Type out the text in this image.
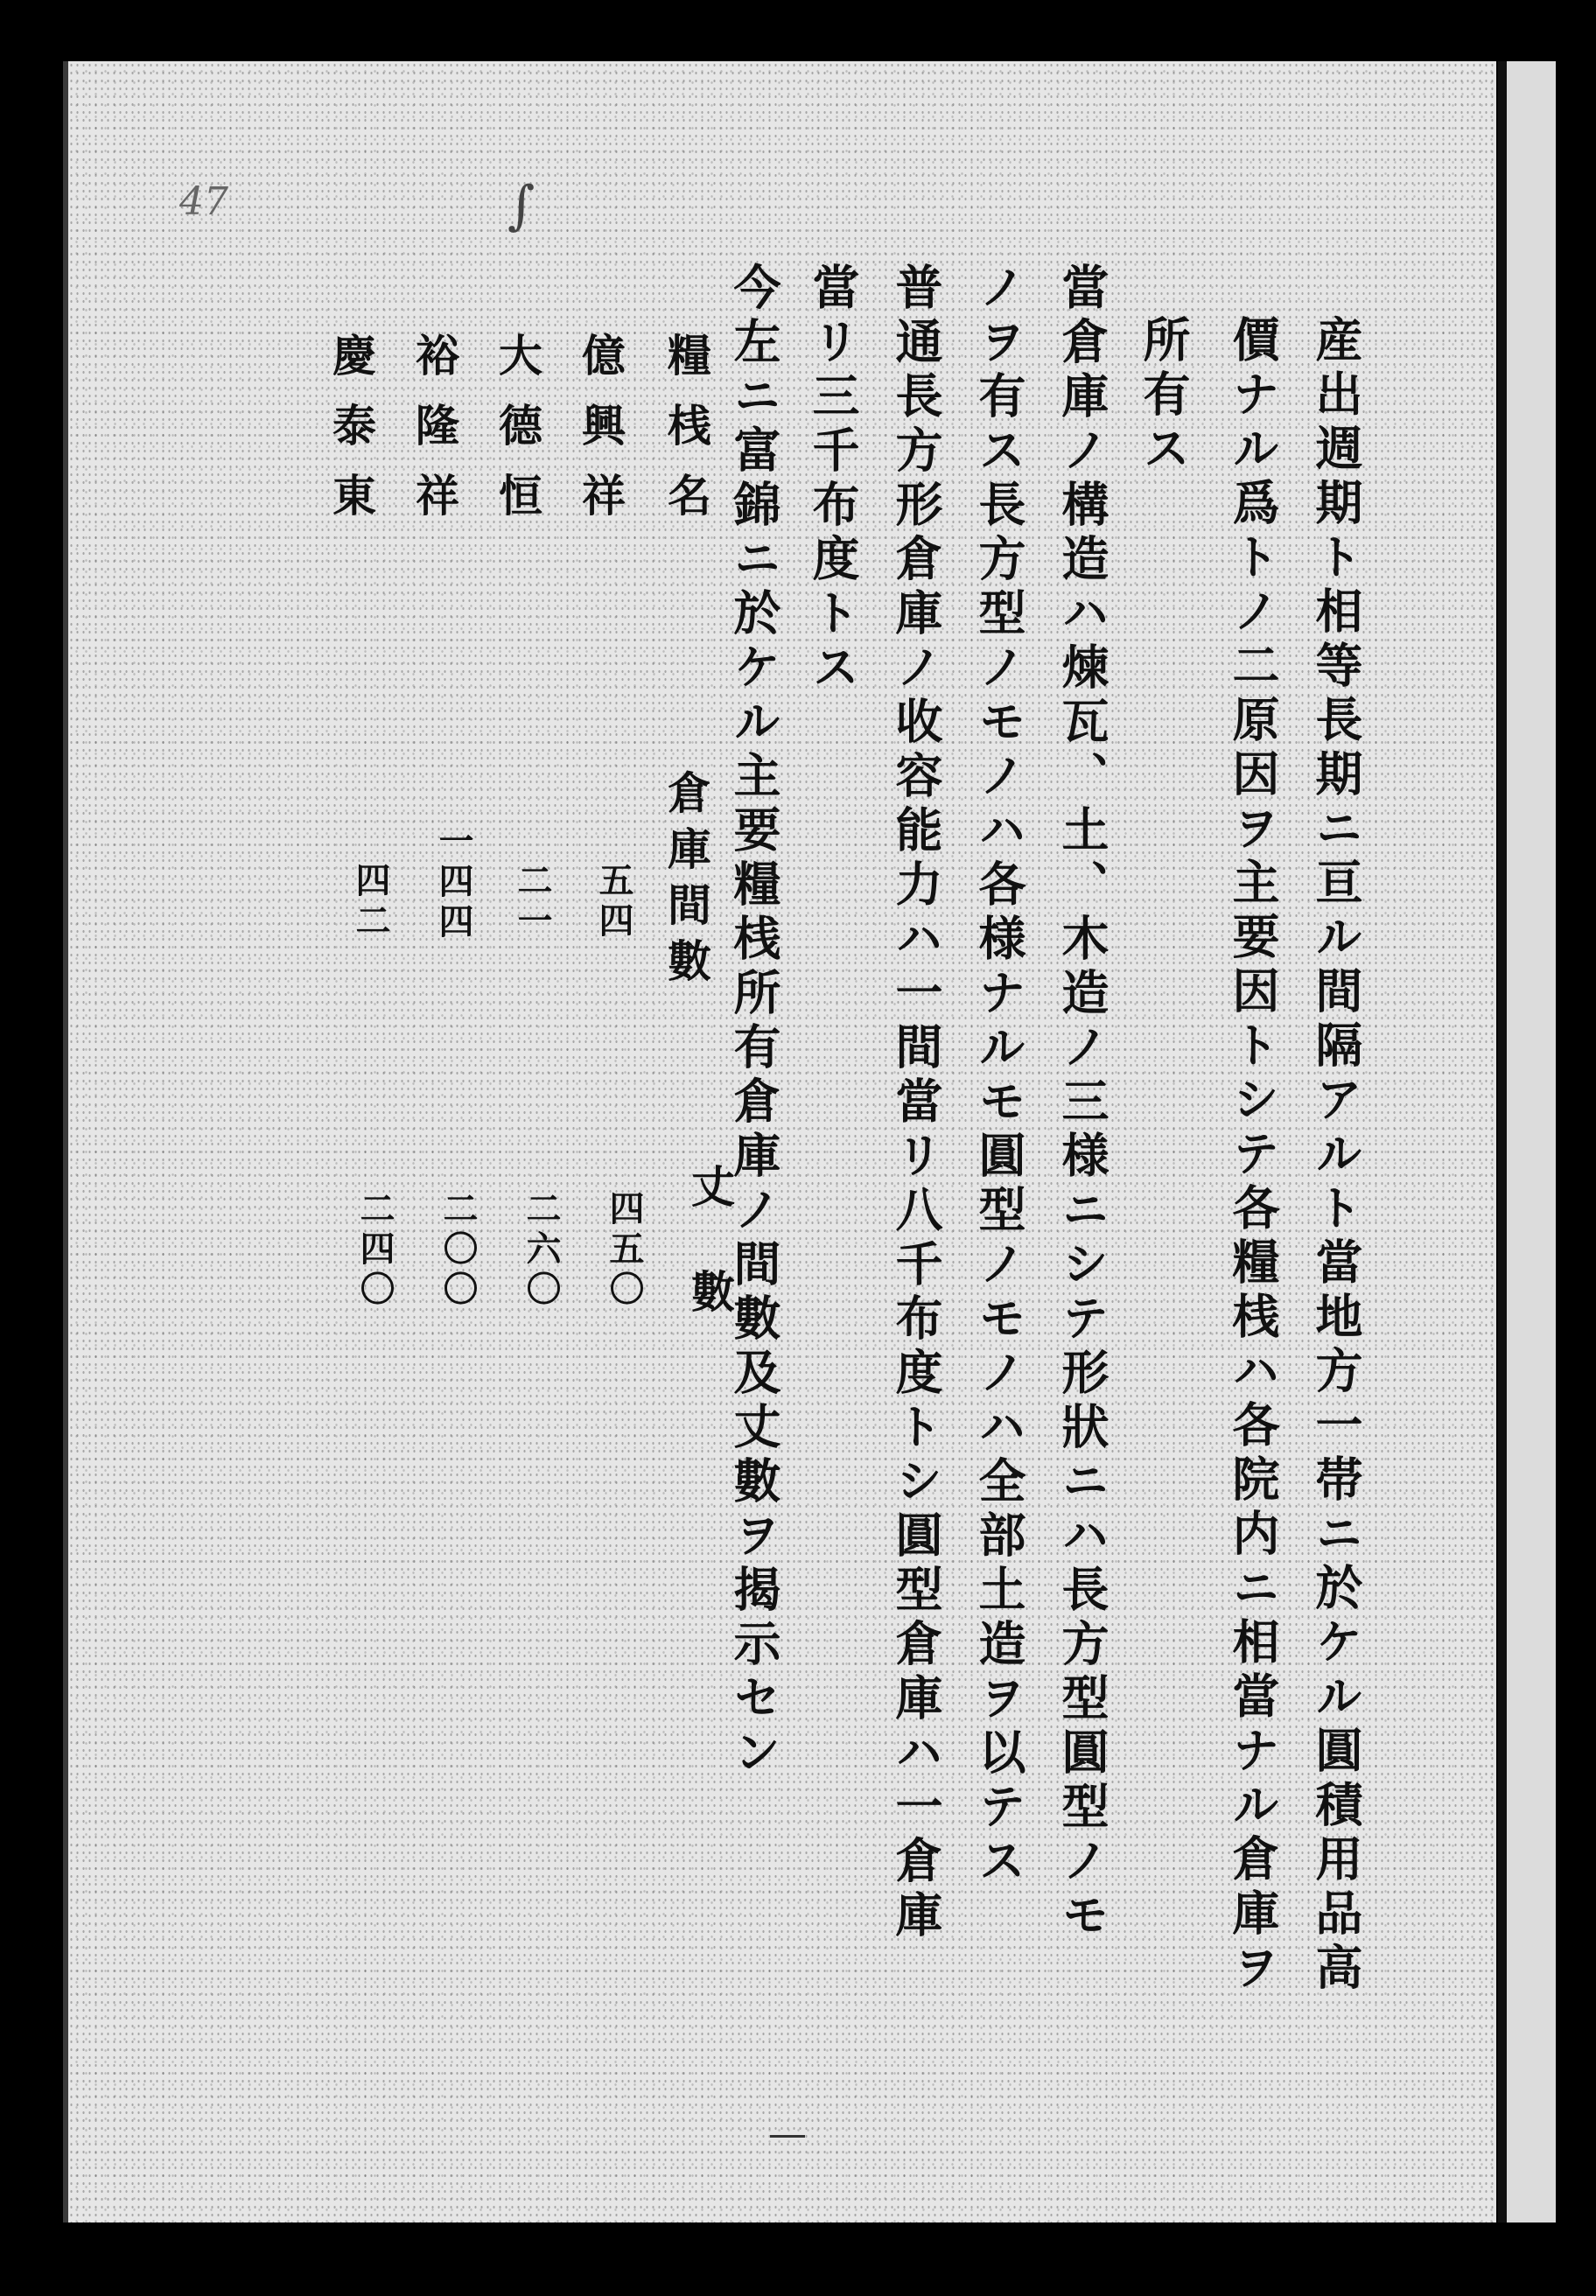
47	∫
産出週期ト相等長期ニ亘ル間隔アルト當地方一帯ニ於ケル圓積用品高
價ナル爲トノ二原因ヲ主要因トシテ各糧桟ハ各院内ニ相當ナル倉庫ヲ
所有ス
當倉庫ノ構造ハ煉瓦、土、木造ノ三様ニシテ形狀ニハ長方型圓型ノモ
ノヲ有ス長方型ノモノハ各様ナルモ圓型ノモノハ全部土造ヲ以テス
普通長方形倉庫ノ收容能力ハ一間當リ八千布度トシ圓型倉庫ハ一倉庫
當リ三千布度トス
今左ニ富錦ニ於ケル主要糧桟所有倉庫ノ間數及丈數ヲ揭示セン
糧桟名
倉庫間數
丈數
億興祥
五四
四五〇
大德恒
二一
二六〇
裕隆祥
一四四
二〇〇
慶泰東
四二
二四〇
